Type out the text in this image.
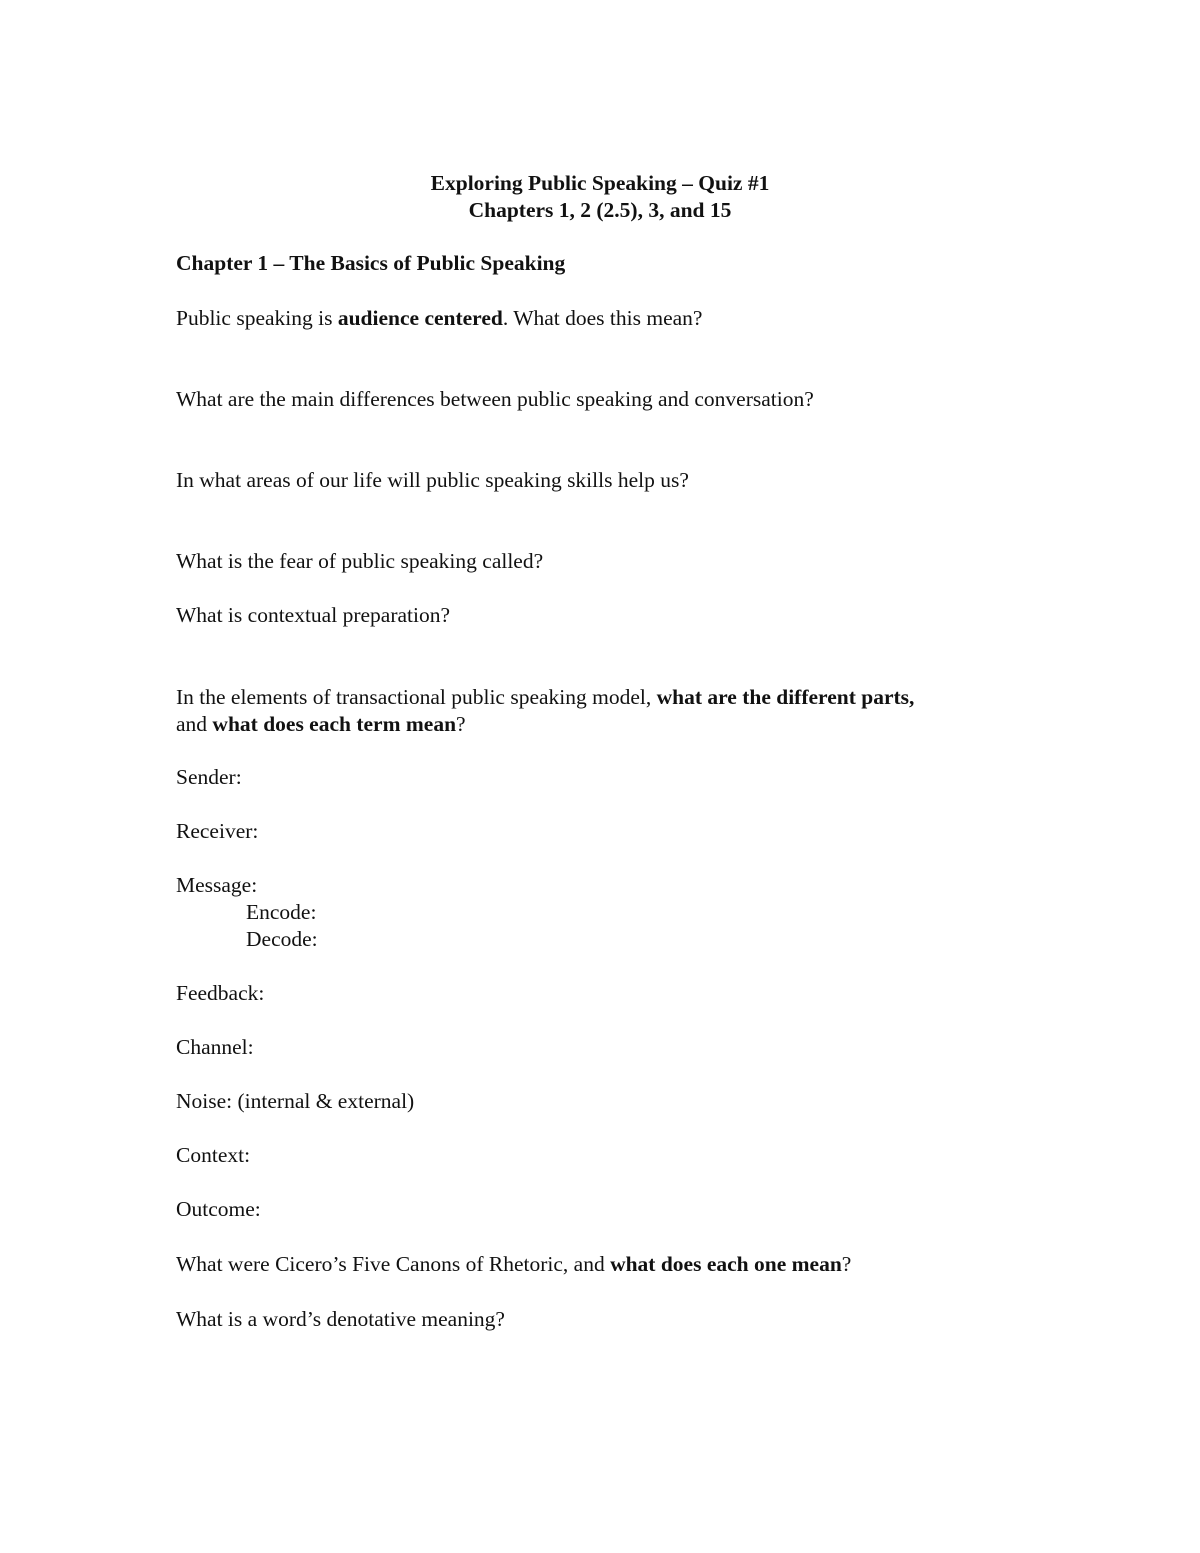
Exploring Public Speaking – Quiz #1
Chapters 1, 2 (2.5), 3, and 15
Chapter 1 – The Basics of Public Speaking
Public speaking is audience centered. What does this mean?
What are the main differences between public speaking and conversation?
In what areas of our life will public speaking skills help us?
What is the fear of public speaking called?
What is contextual preparation?
In the elements of transactional public speaking model, what are the different parts,
and what does each term mean?
Sender:
Receiver:
Message:
Encode:
Decode:
Feedback:
Channel:
Noise: (internal & external)
Context:
Outcome:
What were Cicero’s Five Canons of Rhetoric, and what does each one mean?
What is a word’s denotative meaning?
